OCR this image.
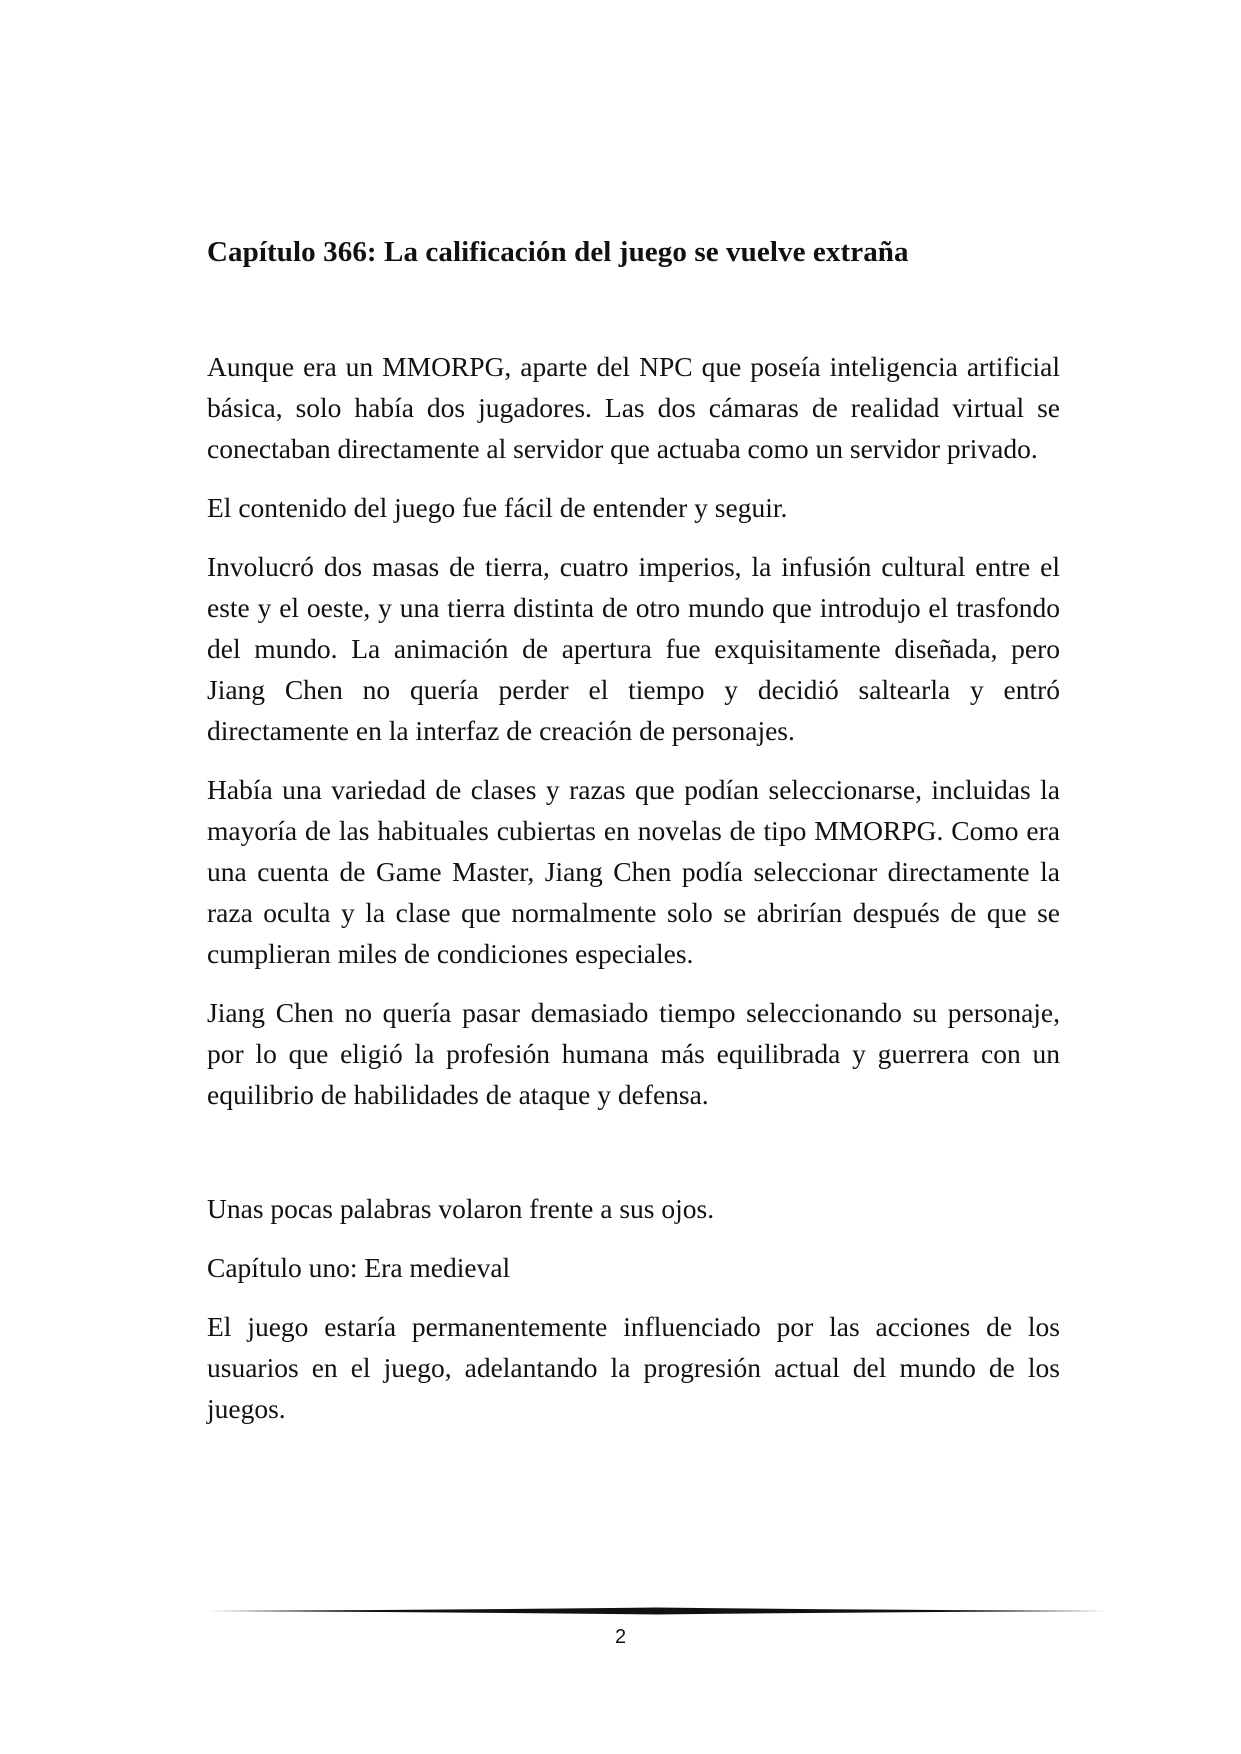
Capítulo 366: La calificación del juego se vuelve extraña

Aunque era un MMORPG, aparte del NPC que poseía inteligencia artificial básica, solo había dos jugadores. Las dos cámaras de realidad virtual se conectaban directamente al servidor que actuaba como un servidor privado.

El contenido del juego fue fácil de entender y seguir.

Involucró dos masas de tierra, cuatro imperios, la infusión cultural entre el este y el oeste, y una tierra distinta de otro mundo que introdujo el trasfondo del mundo. La animación de apertura fue exquisitamente diseñada, pero Jiang Chen no quería perder el tiempo y decidió saltearla y entró directamente en la interfaz de creación de personajes.

Había una variedad de clases y razas que podían seleccionarse, incluidas la mayoría de las habituales cubiertas en novelas de tipo MMORPG. Como era una cuenta de Game Master, Jiang Chen podía seleccionar directamente la raza oculta y la clase que normalmente solo se abrirían después de que se cumplieran miles de condiciones especiales.

Jiang Chen no quería pasar demasiado tiempo seleccionando su personaje, por lo que eligió la profesión humana más equilibrada y guerrera con un equilibrio de habilidades de ataque y defensa.

Unas pocas palabras volaron frente a sus ojos.

Capítulo uno: Era medieval

El juego estaría permanentemente influenciado por las acciones de los usuarios en el juego, adelantando la progresión actual del mundo de los juegos.

2
